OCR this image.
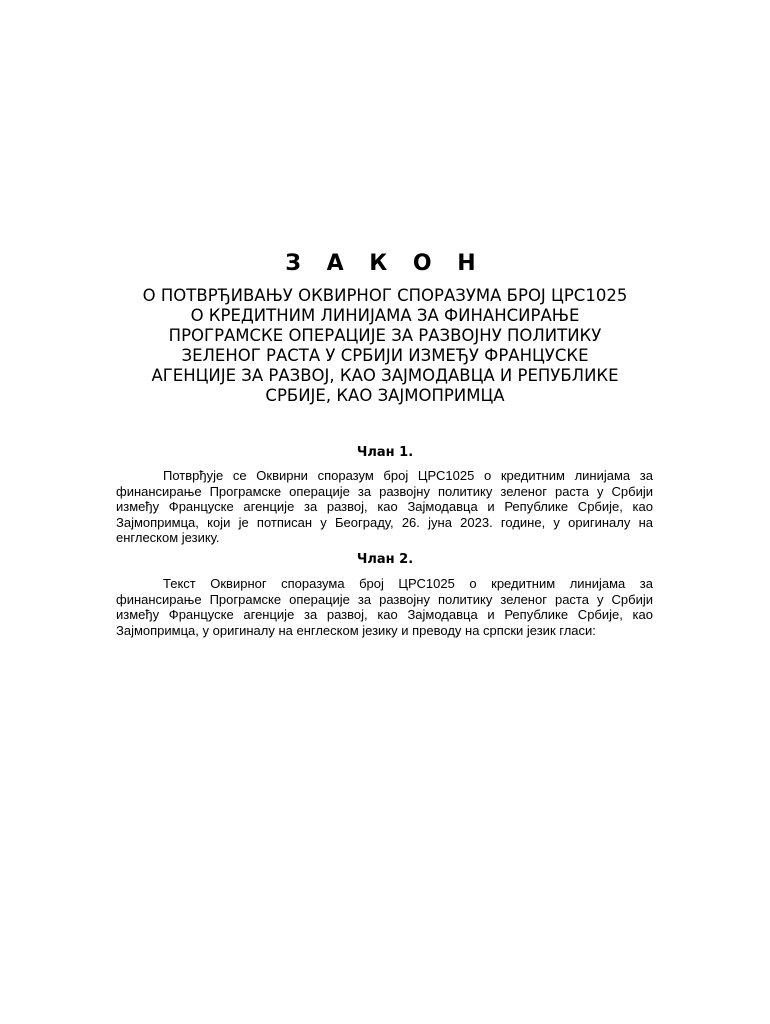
З А К О Н

О ПОТВРЂИВАЊУ ОКВИРНОГ СПОРАЗУМА БРОЈ ЦРС1025 О КРЕДИТНИМ ЛИНИЈАМА ЗА ФИНАНСИРАЊЕ ПРОГРАМСКЕ ОПЕРАЦИЈЕ ЗА РАЗВОЈНУ ПОЛИТИКУ ЗЕЛЕНОГ РАСТА У СРБИЈИ ИЗМЕЂУ ФРАНЦУСКЕ АГЕНЦИЈЕ ЗА РАЗВОЈ, КАО ЗАЈМОДАВЦА И РЕПУБЛИКЕ СРБИЈЕ, КАО ЗАЈМОПРИМЦА

Члан 1.

Потврђује се Оквирни споразум број ЦРС1025 о кредитним линијама за финансирање Програмске операције за развојну политику зеленог раста у Србији између Француске агенције за развој, као Зајмодавца и Републике Србије, као Зајмопримца, који је потписан у Београду, 26. јуна 2023. године, у оригиналу на енглеском језику.

Члан 2.

Текст Оквирног споразума број ЦРС1025 о кредитним линијама за финансирање Програмске операције за развојну политику зеленог раста у Србији између Француске агенције за развој, као Зајмодавца и Републике Србије, као Зајмопримца, у оригиналу на енглеском језику и преводу на српски језик гласи:
